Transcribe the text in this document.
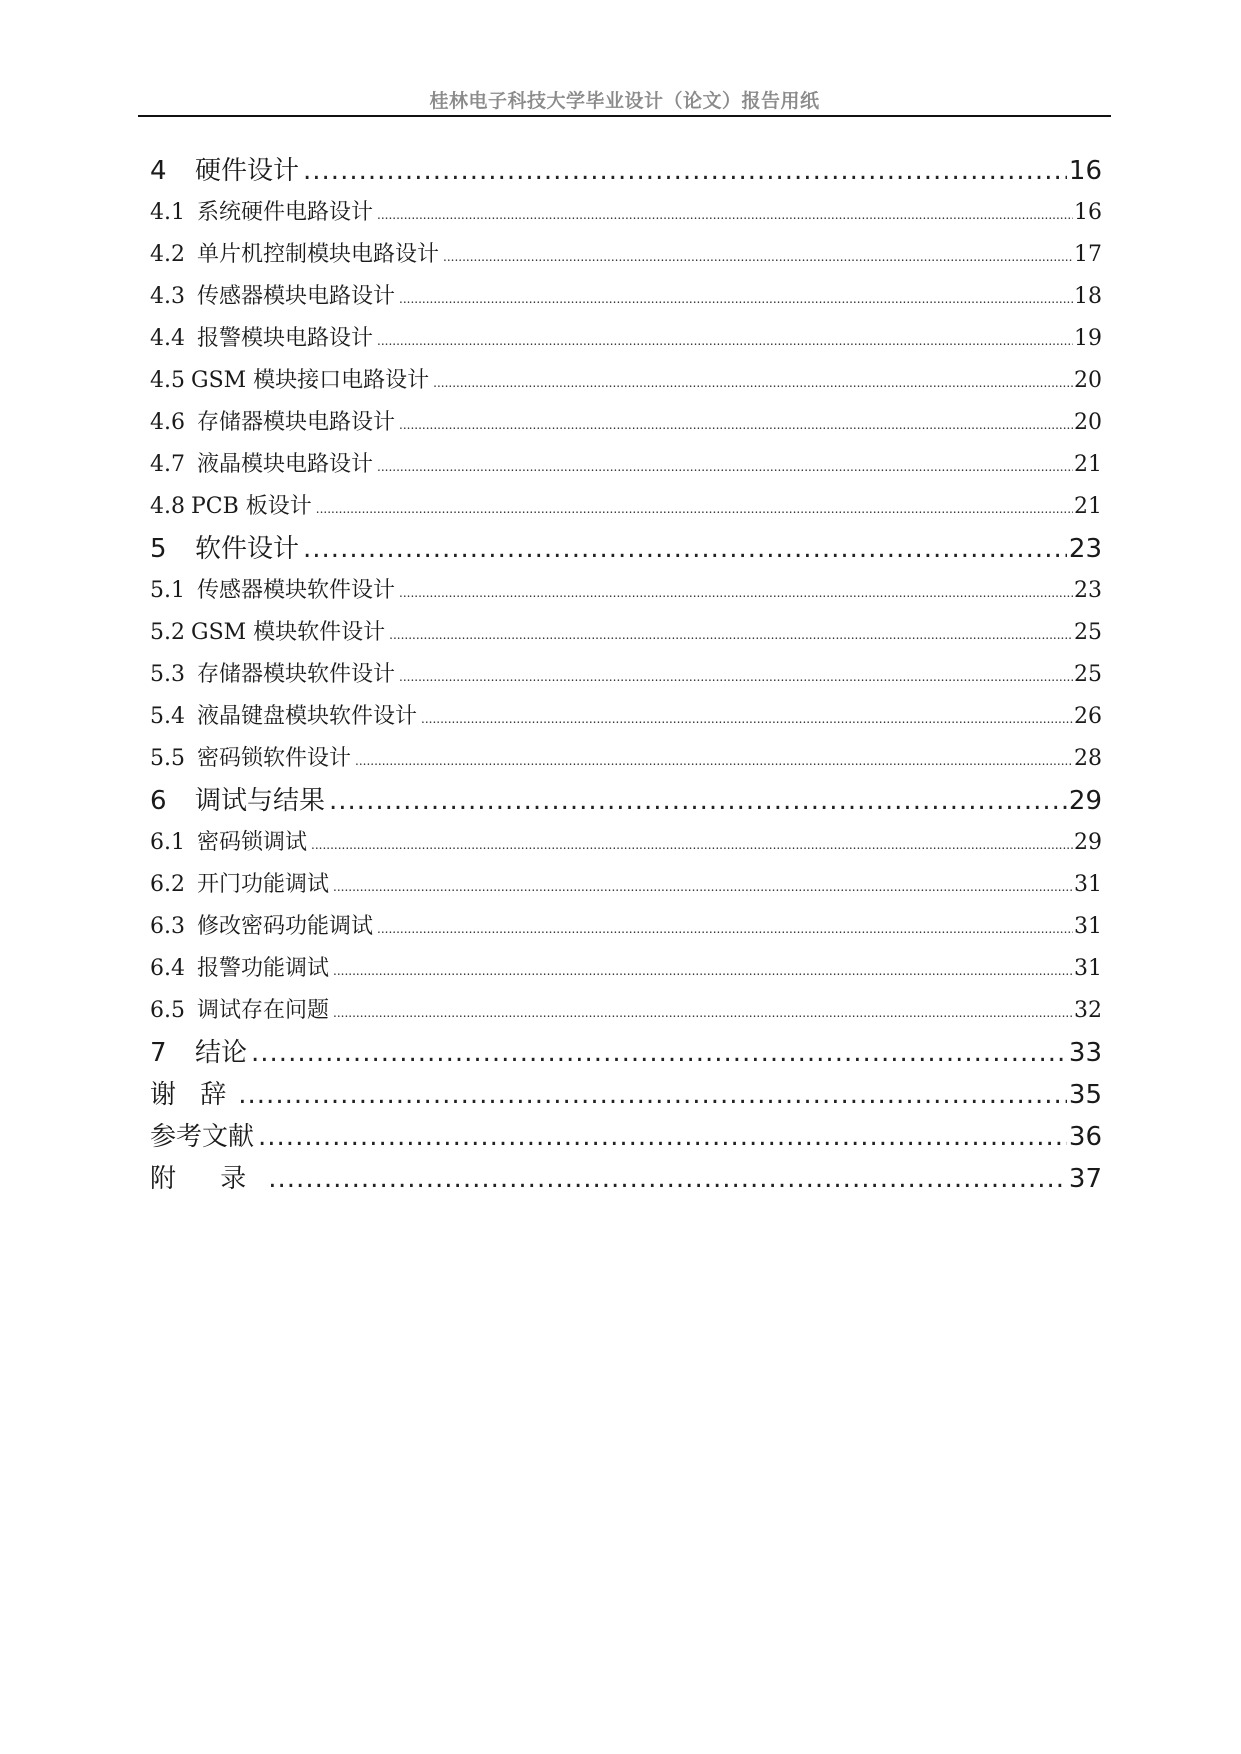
桂林电子科技大学毕业设计（论文）报告用纸
4	硬件设计 .....	16
4.1 系统硬件电路设计 .....	16
4.2 单片机控制模块电路设计 .....	17
4.3 传感器模块电路设计 .....	18
4.4 报警模块电路设计 .....	19
4.5 GSM 模块接口电路设计 .....	20
4.6 存储器模块电路设计 .....	20
4.7 液晶模块电路设计 .....	21
4.8 PCB 板设计 .....	21
5	软件设计 .....	23
5.1 传感器模块软件设计 .....	23
5.2 GSM 模块软件设计 .....	25
5.3 存储器模块软件设计 .....	25
5.4 液晶键盘模块软件设计 .....	26
5.5 密码锁软件设计 .....	28
6	调试与结果 .....	29
6.1 密码锁调试 .....	29
6.2 开门功能调试 .....	31
6.3 修改密码功能调试 .....	31
6.4 报警功能调试 .....	31
6.5 调试存在问题 .....	32
7	结论 .....	33
谢 辞 .....	35
参考文献 .....	36
附 录 .....	37
